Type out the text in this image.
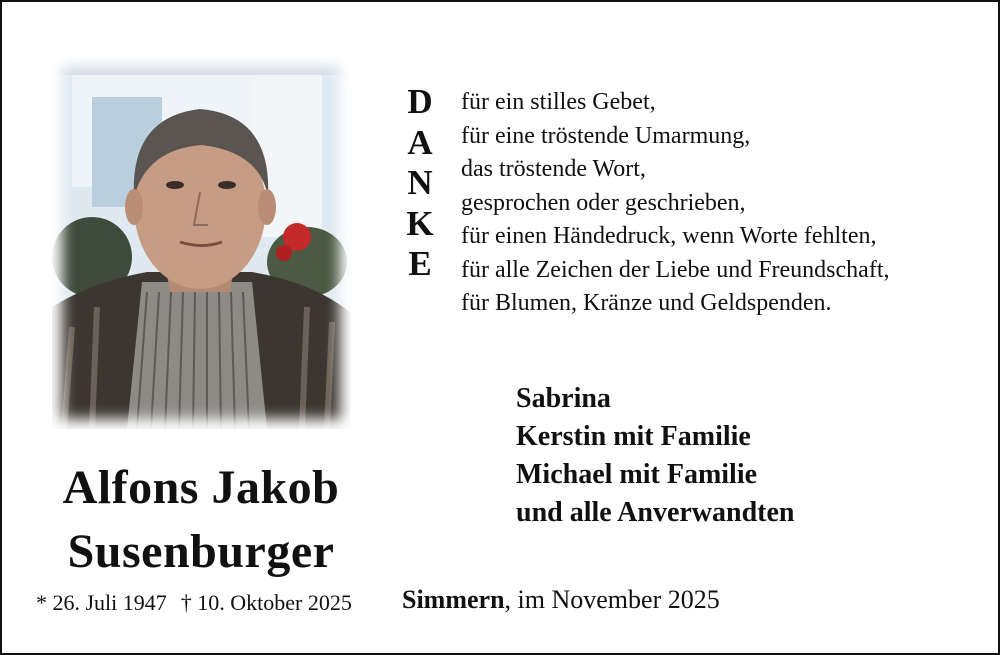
Alfons Jakob
Susenburger
* 26. Juli 1947 † 10. Oktober 2025
D
A
N
K
E
für ein stilles Gebet,
für eine tröstende Umarmung,
das tröstende Wort,
gesprochen oder geschrieben,
für einen Händedruck, wenn Worte fehlten,
für alle Zeichen der Liebe und Freundschaft,
für Blumen, Kränze und Geldspenden.
Sabrina
Kerstin mit Familie
Michael mit Familie
und alle Anverwandten
Simmern, im November 2025
